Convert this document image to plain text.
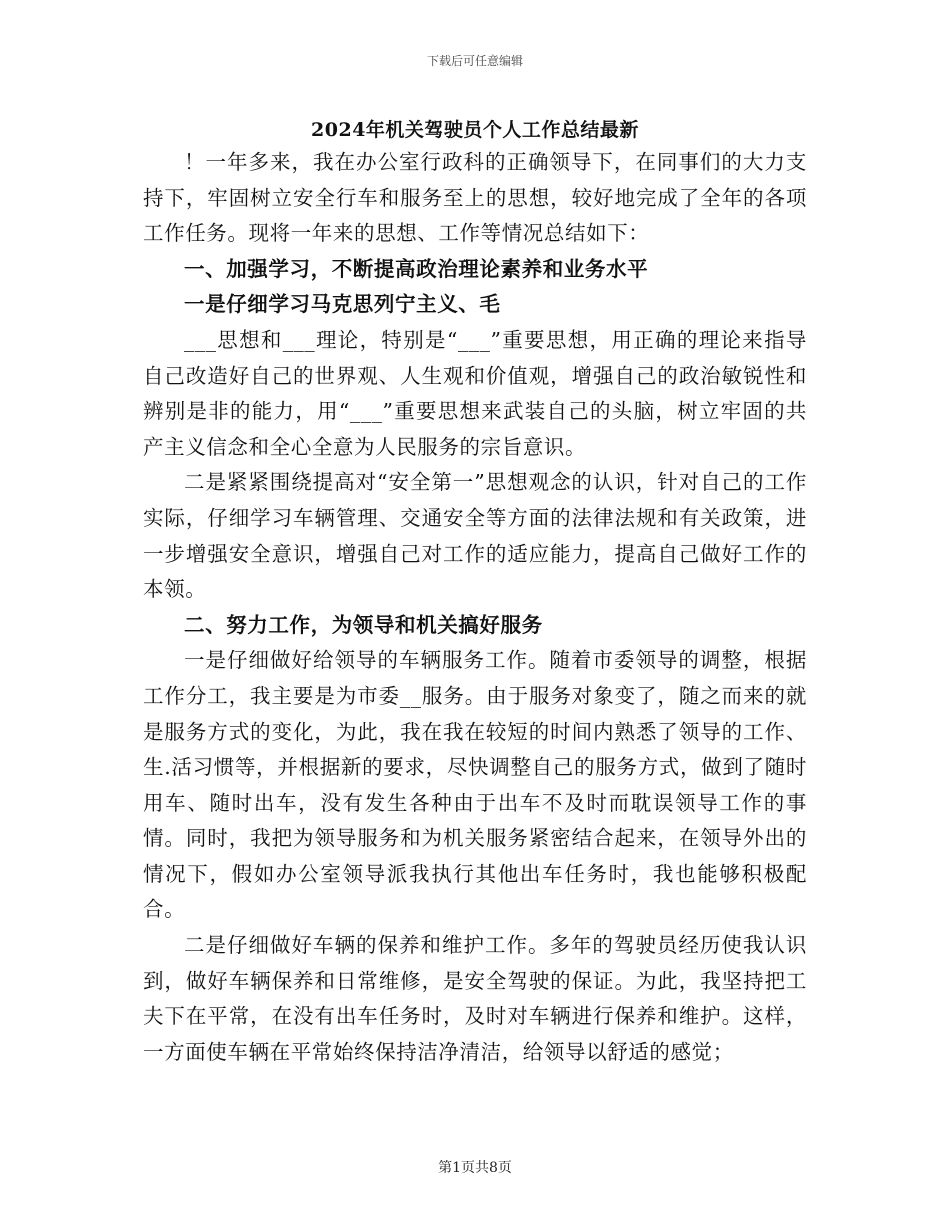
下载后可任意编辑
2024年机关驾驶员个人工作总结最新

！一年多来，我在办公室行政科的正确领导下，在同事们的大力支持下，牢固树立安全行车和服务至上的思想，较好地完成了全年的各项工作任务。现将一年来的思想、工作等情况总结如下：

一、加强学习，不断提高政治理论素养和业务水平

一是仔细学习马克思列宁主义、毛

___思想和___理论，特别是“___”重要思想，用正确的理论来指导自己改造好自己的世界观、人生观和价值观，增强自己的政治敏锐性和辨别是非的能力，用“___”重要思想来武装自己的头脑，树立牢固的共产主义信念和全心全意为人民服务的宗旨意识。

二是紧紧围绕提高对“安全第一”思想观念的认识，针对自己的工作实际，仔细学习车辆管理、交通安全等方面的法律法规和有关政策，进一步增强安全意识，增强自己对工作的适应能力，提高自己做好工作的本领。

二、努力工作，为领导和机关搞好服务

一是仔细做好给领导的车辆服务工作。随着市委领导的调整，根据工作分工，我主要是为市委__服务。由于服务对象变了，随之而来的就是服务方式的变化，为此，我在我在较短的时间内熟悉了领导的工作、生.活习惯等，并根据新的要求，尽快调整自己的服务方式，做到了随时用车、随时出车，没有发生各种由于出车不及时而耽误领导工作的事情。同时，我把为领导服务和为机关服务紧密结合起来，在领导外出的情况下，假如办公室领导派我执行其他出车任务时，我也能够积极配合。

二是仔细做好车辆的保养和维护工作。多年的驾驶员经历使我认识到，做好车辆保养和日常维修，是安全驾驶的保证。为此，我坚持把工夫下在平常，在没有出车任务时，及时对车辆进行保养和维护。这样，一方面使车辆在平常始终保持洁净清洁，给领导以舒适的感觉；

第1页共8页
